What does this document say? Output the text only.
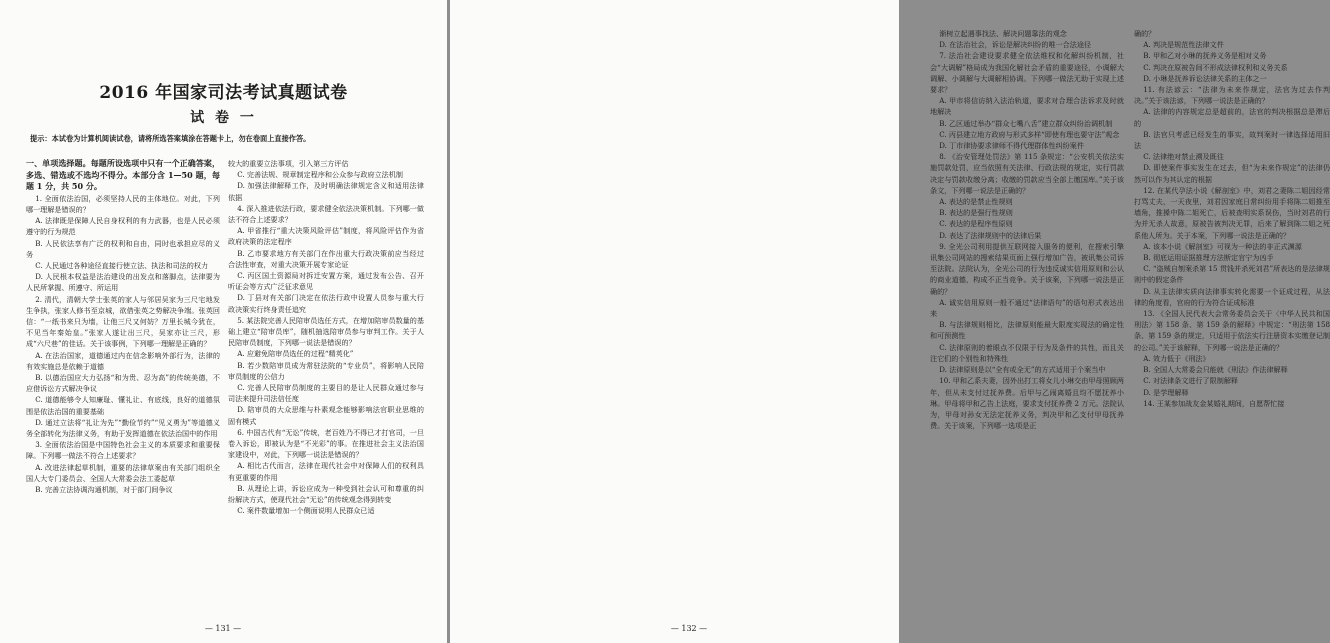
2016 年国家司法考试真题试卷
试 卷 一
提示：本试卷为计算机阅读试卷，请将所选答案填涂在答题卡上，勿在卷面上直接作答。

一、单项选择题。每题所设选项中只有一个正确答案，多选、错选或不选均不得分。本部分含 1—50 题，每题 1 分，共 50 分。

1. 全面依法治国，必须坚持人民的主体地位。对此，下列哪一理解是错误的？

A. 法律既是保障人民自身权利的有力武器，也是人民必须遵守的行为规范

B. 人民依法享有广泛的权利和自由，同时也承担应尽的义务

C. 人民通过各种途径直接行使立法、执法和司法的权力

D. 人民根本权益是法治建设的出发点和落脚点，法律要为人民所掌握、所遵守、所运用

2. 清代，清朝大学士张英的家人与邻居吴家为三尺宅地发生争执，张家人修书至京城，欲借张英之势解决争端。张英回信：“一纸书来只为墙，让他三尺又何妨？万里长城今犹在，不见当年秦始皇。”张家人遂让出三尺，吴家亦让三尺，形成“六尺巷”的佳话。关于该事例，下列哪一理解是正确的？

A. 在法治国家，道德通过内在信念影响外部行为，法律的有效实施总是依赖于道德

B. 以德治国应大力弘扬“和为贵、忍为高”的传统美德，不应借诉讼方式解决争议

C. 道德能够令人知廉耻、懂礼让、有底线，良好的道德氛围是依法治国的重要基础

D. 通过立法将“礼让为先”“勤俭节约”“见义勇为”等道德义务全部转化为法律义务，有助于发挥道德在依法治国中的作用

3. 全面依法治国是中国特色社会主义的本质要求和重要保障。下列哪一做法不符合上述要求？

A. 改进法律起草机制，重要的法律草案由有关部门组织全国人大专门委员会、全国人大常委会法工委起草

B. 完善立法协调沟通机制，对于部门间争议

较大的重要立法事项，引入第三方评估

C. 完善法规、规章制定程序和公众参与政府立法机制

D. 加强法律解释工作，及时明确法律规定含义和适用法律依据

4. 深入推进依法行政，要求健全依法决策机制。下列哪一做法不符合上述要求？

A. 甲省推行“重大决策风险评估”制度，将风险评估作为省政府决策的法定程序

B. 乙市要求地方有关部门在作出重大行政决策前应当经过合法性审查，对重大决策开展专家论证

C. 丙区国土资源局对拆迁安置方案，通过发布公告、召开听证会等方式广泛征求意见

D. 丁县对有关部门决定在依法行政中设置人员参与重大行政决策实行终身责任追究

5. 某法院完善人民陪审员选任方式，在增加陪审员数量的基础上建立“陪审员库”，随机抽选陪审员参与审判工作。关于人民陪审员制度，下列哪一说法是错误的？

A. 应避免陪审员选任的过程“精英化”

B. 若少数陪审员成为常驻法院的“专业员”，将影响人民陪审员制度的公信力

C. 完善人民陪审员制度的主要目的是让人民群众通过参与司法来提升司法信任度

D. 陪审员的大众思维与朴素观念能够影响法官职业思维的固有模式

6. 中国古代有“无讼”传统，老百姓乃不得已才打官司，一旦卷入诉讼，即被认为是“不光彩”的事。在推进社会主义法治国家建设中，对此，下列哪一说法是错误的？

A. 相比古代而言，法律在现代社会中对保障人们的权利具有更重要的作用

B. 从理论上讲，诉讼应成为一种受到社会认可和尊重的纠纷解决方式，使现代社会“无讼”的传统观念得到转变

C. 案件数量增加一个侧面说明人民群众已适

— 131 —

渐树立起遇事找法、解决问题靠法的观念

D. 在法治社会，诉讼是解决纠纷的唯一合法途径

7. 法治社会建设要求健全依法维权和化解纠纷机制，社会“大调解”格局成为我国化解社会矛盾的重要途径，小调解大调解、小调解与大调解相协调。下列哪一做法无助于实现上述要求？

A. 甲市将信访纳入法治轨道，要求对合理合法诉求及时就地解决

B. 乙区通过举办“群众七嘴八舌”建立群众纠纷治调机制

C. 丙县建立地方政府与形式多样“即使有理也要守法”观念

D. 丁市律协要求律师不得代理群体性纠纷案件

8. 《治安管理处罚法》第 115 条规定：“公安机关依法实施罚款处罚，应当依照有关法律、行政法规的规定，实行罚款决定与罚款收缴分离；收缴的罚款应当全部上缴国库。”关于该条文，下列哪一说法是正确的？

A. 表达的是禁止性规则

B. 表达的是强行性规则

C. 表达的是程序性原则

D. 表达了法律规则中的法律后果

9. 全光公司利用提供互联网接入服务的便利，在搜索引擎讯集公司网站的搜索结果页面上强行增加广告，被讯集公司诉至法院。法院认为，全光公司的行为违反诚实信用原则和公认的商业道德，构成不正当竞争。关于该案，下列哪一说法是正确的？

A. 诚实信用原则一般不通过“法律语句”的语句形式表达出来

B. 与法律规则相比，法律原则能最大限度实现法的确定性和可预测性

C. 法律原则的着眼点不仅限于行为及条件的共性，而且关注它们的个别性和特殊性

D. 法律原则是以“全有或全无”的方式适用于个案当中

10. 甲和乙系夫妻，因外出打工将女儿小琳交由甲母照顾两年，但从未支付过抚养费。后甲与乙闹离婚且均不愿抚养小琳。甲母将甲和乙告上法庭，要求支付抚养费 2 万元。法院认为，甲母对孙女无法定抚养义务，判决甲和乙支付甲母抚养费。关于该案，下列哪一选项是正

确的？

A. 判决是规范性法律文件

B. 甲和乙对小琳的抚养义务是相对义务

C. 判决在原被告间不形成法律权利和义务关系

D. 小琳是抚养诉讼法律关系的主体之一

11. 有法谚云：“法律为未来作规定，法官为过去作判决。”关于该法谚，下列哪一说法是正确的？

A. 法律的内容规定总是超前的，法官的判决根据总是滞后的

B. 法官只考虑已经发生的事实，故判案时一律选择适用旧法

C. 法律绝对禁止溯及既往

D. 即使案件事实发生在过去，但“为未来作规定”的法律仍然可以作为其认定的根据

12. 在某代孕法小说《解剖室》中，刘君之妻陈二姐因经常打骂丈夫，一天夜里，刘君因家庭日常纠纷用手将陈二姐推至墙角，推搡中陈二姐死亡，后被查明实系误伤，当时刘君的行为并无杀人故意，原被告被判决无罪，后来了解到陈二姐之死系他人所为。关于本案，下列哪一说法是正确的？

A. 该本小说《解剖室》可视为一种法的非正式渊源

B. 彻底运用证据推理方法断定官宁为凶手

C. “盗贼自刎案杀第 15 贯钱并杀死刘君”所表达的是法律规则中的假定条件

D. 从主法律实质向法律事实转化需要一个证成过程，从法律的角度看，官府的行为符合证成标准

13. 《全国人民代表大会常务委员会关于〈中华人民共和国刑法〉第 158 条、第 159 条的解释》中规定：“刑法第 158 条、第 159 条的规定，只适用于依法实行注册资本实缴登记制的公司。”关于该解释，下列哪一说法是正确的？

A. 效力低于《刑法》

B. 全国人大常委会只能就《刑法》作法律解释

C. 对法律条文进行了限制解释

D. 是学理解释

14. 王某参加战友金某婚礼期间，自愿帮忙接

— 132 —
